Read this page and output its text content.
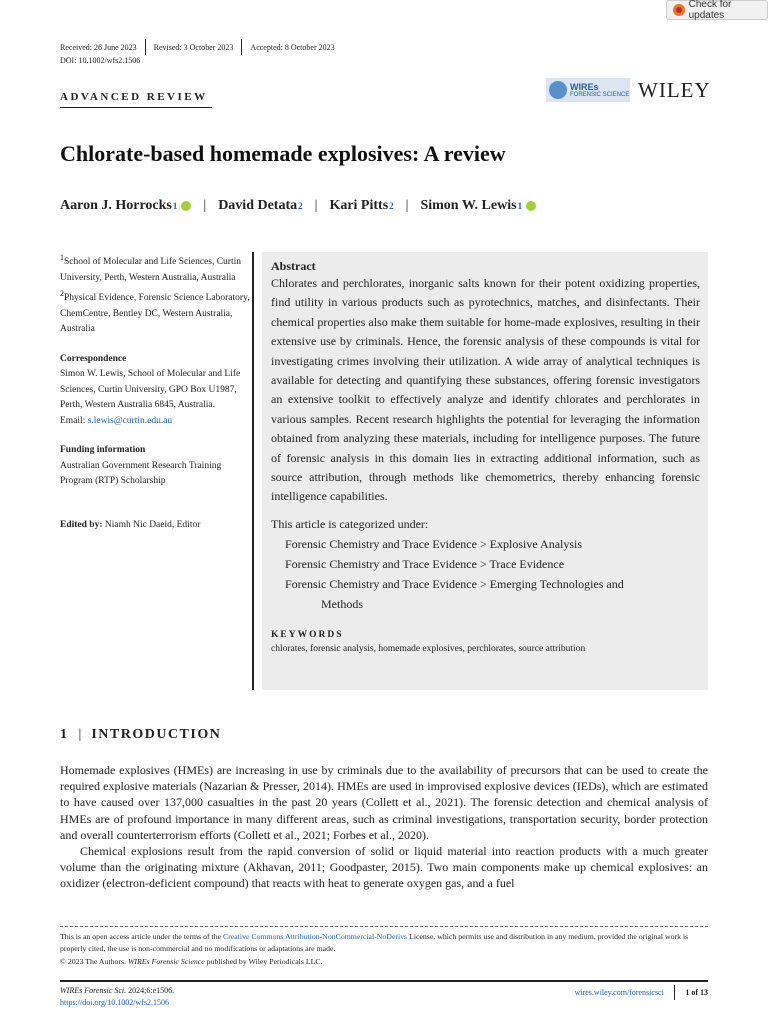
Check for updates
Received: 26 June 2023	Revised: 3 October 2023	Accepted: 8 October 2023
DOI: 10.1002/wfs2.1506
ADVANCED REVIEW
WIREs
FORENSIC SCIENCE WILEY
Chlorate-based homemade explosives: A review
Aaron J. Horrocks 1 | David Detata 2 | Kari Pitts 2 | Simon W. Lewis 1

$^1$School of Molecular and Life Sciences, Curtin University, Perth, Western Australia, Australia

$^2$Physical Evidence, Forensic Science Laboratory, ChemCentre, Bentley DC, Western Australia, Australia

Correspondence

Simon W. Lewis, School of Molecular and Life Sciences, Curtin University, GPO Box U1987, Perth, Western Australia 6845, Australia.

Email: s.lewis@curtin.edu.au

Funding information

Australian Government Research Training Program (RTP) Scholarship

Edited by: Niamh Nic Daeid, Editor

Abstract

Chlorates and perchlorates, inorganic salts known for their potent oxidizing properties, find utility in various products such as pyrotechnics, matches, and disinfectants. Their chemical properties also make them suitable for home-made explosives, resulting in their extensive use by criminals. Hence, the forensic analysis of these compounds is vital for investigating crimes involving their utilization. A wide array of analytical techniques is available for detecting and quantifying these substances, offering forensic investigators an extensive toolkit to effectively analyze and identify chlorates and perchlorates in various samples. Recent research highlights the potential for leveraging the information obtained from analyzing these materials, including for intelligence purposes. The future of forensic analysis in this domain lies in extracting additional information, such as source attribution, through methods like chemometrics, thereby enhancing forensic intelligence capabilities.

This article is categorized under:
Forensic Chemistry and Trace Evidence > Explosive Analysis
Forensic Chemistry and Trace Evidence > Trace Evidence
Forensic Chemistry and Trace Evidence > Emerging Technologies and
Methods
KEYWORDS
chlorates, forensic analysis, homemade explosives, perchlorates, source attribution
1 | INTRODUCTION

Homemade explosives (HMEs) are increasing in use by criminals due to the availability of precursors that can be used to create the required explosive materials (Nazarian & Presser, 2014). HMEs are used in improvised explosive devices (IEDs), which are estimated to have caused over 137,000 casualties in the past 20 years (Collett et al., 2021). The forensic detection and chemical analysis of HMEs are of profound importance in many different areas, such as criminal investigations, transportation security, border protection and overall counterterrorism efforts (Collett et al., 2021; Forbes et al., 2020).

Chemical explosions result from the rapid conversion of solid or liquid material into reaction products with a much greater volume than the originating mixture (Akhavan, 2011; Goodpaster, 2015). Two main components make up chemical explosives: an oxidizer (electron-deficient compound) that reacts with heat to generate oxygen gas, and a fuel

This is an open access article under the terms of the Creative Commons Attribution-NonCommercial-NoDerivs License, which permits use and distribution in any medium, provided the original work is properly cited, the use is non-commercial and no modifications or adaptations are made.

© 2023 The Authors. WIREs Forensic Science published by Wiley Periodicals LLC.

WIREs Forensic Sci. 2024;6:e1506.
https://doi.org/10.1002/wfs2.1506
wires.wiley.com/forensicsci	1 of 13
